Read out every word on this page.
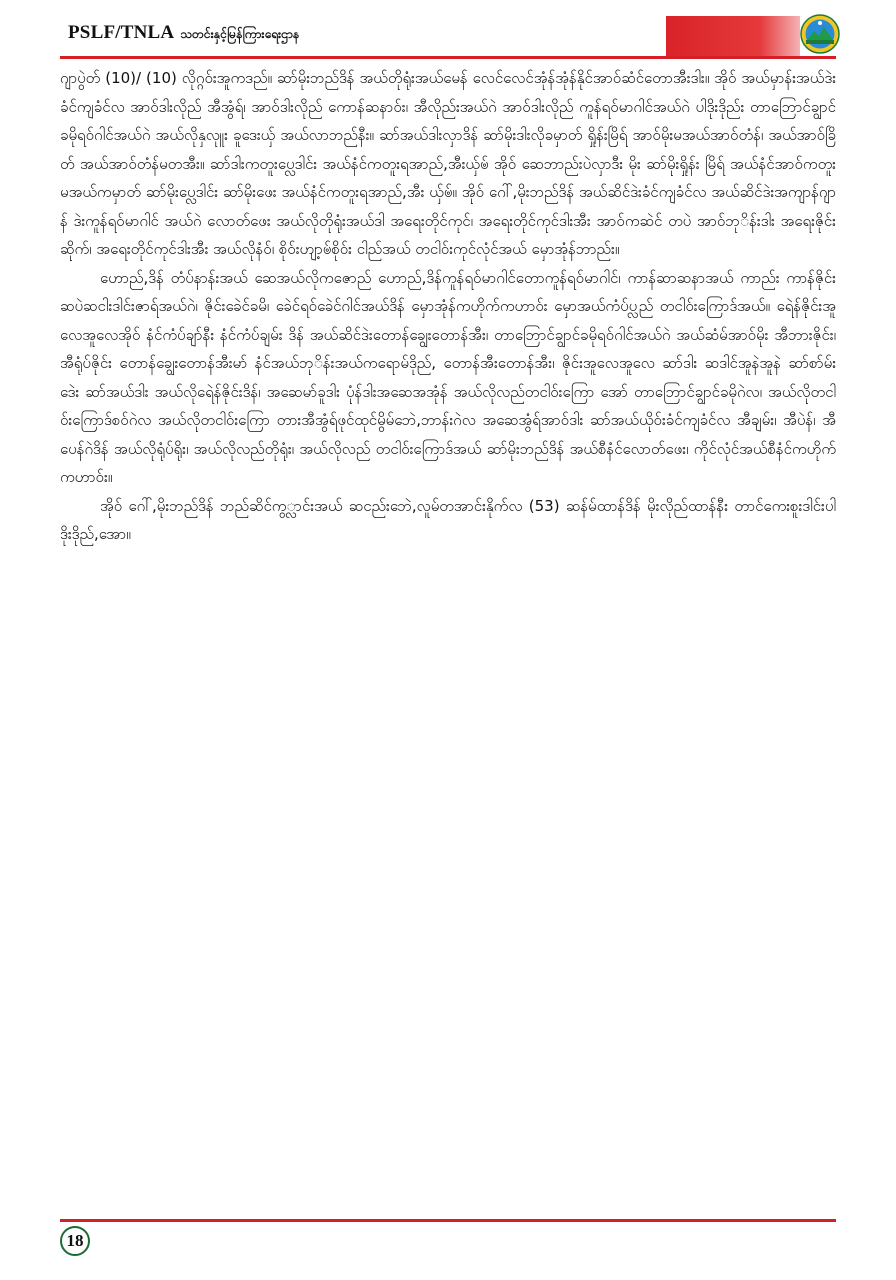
PSLF/TNLA သတင်းနှင့်မြန်ကြားရေးဌာန

ဂျာပွဲတ် (10)/ (10) လိုဂ္ဂဝ်းအူကဒည်။ ဆာ်မိုးဘည်ဒိန် အယ်တိုရုံးအယ်မေန် လေင်လေင်အုံန်အုံန်နိုင်အာဝ်ဆံင်တောအီးဒါး။ အိုဝ် အယ်မှာန်းအယ်ဒဲးခံင်ကျခံင်လ အာဝ်ဒါးလိုည် အီအွံရ်၊ အာဝ်ဒါးလိုည် ကောန်ဆနာဝ်း၊ အီလိုည်းအယ်ဂဲ အာဝ်ဒါးလိုည် ကူန်ရဝ်မာဂါင်အယ်ဂဲ ပါဒိုးဒိုည်း တာဘြောင်ချွာင်ခမိုရဝ်ဂါင်အယ်ဂဲ အယ်လိုနှလုူး ခူဒေးယှ် အယ်လာဘည်နီး။ ဆာ်အယ်ဒါးလှာဒိန် ဆာ်မိုးဒါးလိုခမှာတ် ရှိုန်းမြိရ် အာဝ်မိုးမအယ်အာဝ်တံန်၊ အယ်အာဝ်ခြိတ် အယ်အာဝ်တံန်မတအီး။ ဆာ်ဒါးကတူးပ္လေဒါင်း အယ်နံင်ကတူးရအာည်,အီးယှ်ၑ် အိုဝ် ဆေဘာည်းပဲလှာဒီး မိုး ဆာ်မိုးရှိုန်း မြိရ် အယ်နံင်အာဝ်ကတူးမအယ်ကမှာတ် ဆာ်မိုးပ္လေဒါင်း ဆာ်မိုးဖေး အယ်နံင်ကတူးရအာည်,အီး ယှ်ၑ်။ အိုဝ် ဂေါ်,မိုးဘည်ဒိန် အယ်ဆိင်ဒဲးခံင်ကျခံင်လ အယ်ဆိင်ဒဲးအကျာန်ဂျာန် ဒဲးကူန်ရဝ်မာဂါင် အယ်ဂဲ လောတ်ဖေး အယ်လိုတိုရုံးအယ်ဒါ အရေးတိုင်ကုင်၊ အရေးတိုင်ကုင်ဒါးအီး အာဝ်ကဆဲင် တပဲ အာဝ်ဘုိန်းဒါး အရေးဇိုင်းဆိုက်၊ အရေးတိုင်ကုင်ဒါးအီး အယ်လိုနံဝ်၊ စိုဝ်းဟျာ့ၑ်စိုဝ်း ငါည်အယ် တငါဝ်းကုင်လုံင်အယ် မှောအုံန်ဘာည်း။

ဟောည်,ဒိန် တံပ်နာန်းအယ် ဆေအယ်လိုကဇောည် ဟောည်,ဒိန်ကူန်ရဝ်မာဂါင်တောကူန်ရဝ်မာဂါင်၊ ကာန်ဆာဆနာအယ် ကာည်း ကာန်ဇိုင်းဆပဲဆငါးဒါင်းဇာရ်အယ်ဂဲ၊ ဇိုင်းခေဲင်ခမိ၊ ခေဲင်ရဝ်ခေဲင်ဂါင်အယ်ဒိန် မှောအုံန်ကဟိုက်ကဟာဝ်း မှောအယ်ကံပ်ပ္လည် တငါဝ်းကြောဒ်အယ်။ ရေဲန်ဇိုင်းအူလေအူလေအိုဝ် နံင်ကံပ်ချာ်နီး နံင်ကံပ်ချမ်း ဒိန် အယ်ဆိင်ဒဲးတောန်ချွေးတောန်အီး၊ တာဘြောင်ချွာင်ခမိုရဝ်ဂါင်အယ်ဂဲ အယ်ဆံမ်အာဝ်မိုး အီဘားဇိုင်း၊ အီရုံပ်ဇိုင်း တောန်ချွေးတောန်အီးမာ် နံင်အယ်ဘုိန်းအယ်ကရောမ်ဒိုည်, တောန်အီးတောန်အီး၊ ဇိုင်းအူလေအူလေ ဆာ်ဒါး ဆဒါင်အူနဲအူနဲ ဆာ်စာ်မ်းဒေဲး ဆာ်အယ်ဒါး အယ်လိုရေဲန်ဇိုင်းဒိန်၊ အဆေမာ်ခူဒါး ပုံန်ဒါးအဆေအအုံန် အယ်လိုလည်တငါဝ်းကြော အော် တာဘြောင်ချွာင်ခမိုဂဲလ၊ အယ်လိုတငါဝ်းကြောဒ်စဝ်ဂဲလ အယ်လိုတငါဝ်းကြော တားအီအွံရ်ဖုင်ထုင်မွိမ်ဘေဲ,ဘာန်းဂဲလ အဆေအွံရ်အာဝ်ဒါး ဆာ်အယ်ယိုဝ်းခံင်ကျခံင်လ အီချမ်း၊ အီပဲန်၊ အီပေန်ဂဲဒိန် အယ်လိုရုံပ်ရိုး၊ အယ်လိုလည်တိုရုံး၊ အယ်လိုလည် တငါဝ်းကြောဒ်အယ် ဆာ်မိုးဘည်ဒိန် အယ်စီနံင်လောတ်ဖေး၊ ကိုင်လုံင်အယ်စီနံင်ကဟိုက်ကဟာဝ်း။

အိုဝ် ဂေါ်,မိုးဘည်ဒိန် ဘည်ဆိင်ကွ္လာင်းအယ် ဆငည်းဘေဲ,လူမ်တအာင်းနိုက်လ (53) ဆန်မ်ထာန်ဒိန် မိုးလိုည်ထာန်နီး တာင်ကေးစူးဒါင်းပါဒိုးဒိုည်,အော။

18
